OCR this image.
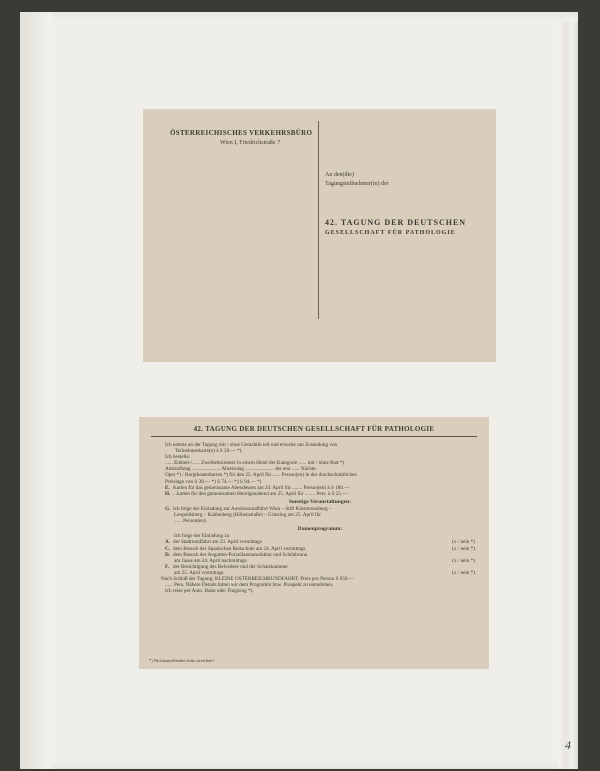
ÖSTERREICHISCHES VERKEHRSBÜRO
Wien I, Friedrichstraße 7
An den(die)
Tagungsteilnehmer(in) der
42. TAGUNG DER DEUTSCHEN
GESELLSCHAFT FÜR PATHOLOGIE
42. TAGUNG DER DEUTSCHEN GESELLSCHAFT FÜR PATHOLOGIE
Ich nehme an der Tagung mit / ohne Gemahlin teil und ersuche um Zusendung von
Teilnehmerkarte(n) à S 20.— *).
Ich bestelle:
...... Einbett-/...... Zweibettzimmer in einem Hotel der Kategorie ...... mit / ohne Bad *)
Ankunftstag ...................... Abreisetag ...................... der erst ...... Nächte.
Oper *) / Burgtheaterkarten *) für den 25. April für ...... Person(en) in der durchschnittlichen
Preislage von S 30.— *) S 74.— *) S 94.— *)
E. Karten für das gemeinsame Abendessen am 24. April für ........ Person(en) à S 180.—
H. ...karten für den gemeinsamen Heurigenabend am 25. April für ........ Pers. à S 25.—
Sonstige Veranstaltungen:
G. Ich folge der Einladung zur Autobusrundfahrt Wien – Stift Klosterneuburg –
Leopoldsberg – Kahlenberg (Höhenstraße) – Grinzing am 25. April für
...... Person(en).
Damenprogramm:
Ich folge der Einladung zu
A. der Stadtrundfahrt am 23. April vormittags	(x / nein *)
C. dem Besuch der Spanischen Reitschule am 24. April vormittags	(x / nein *)
D. dem Besuch der Augarten-Porzellanmanufaktur und Schönbrunn
am Jause am 24. April nachmittags	(x / nein *)
F. der Besichtigung des Belvedere und der Schatzkammer
am 25. April vormittags	(x / nein *)
Nach Schluß der Tagung: KLEINE ÖSTERREICHRUNDFAHRT. Preis pro Person S 650.—
...... Pers. Nähere Details bitten wir dem Programm bzw. Prospekt zu entnehmen.
Ich reise per Auto, Bahn oder Flugzeug *).
*) Nichtzutreffendes bitte streichen!
4
